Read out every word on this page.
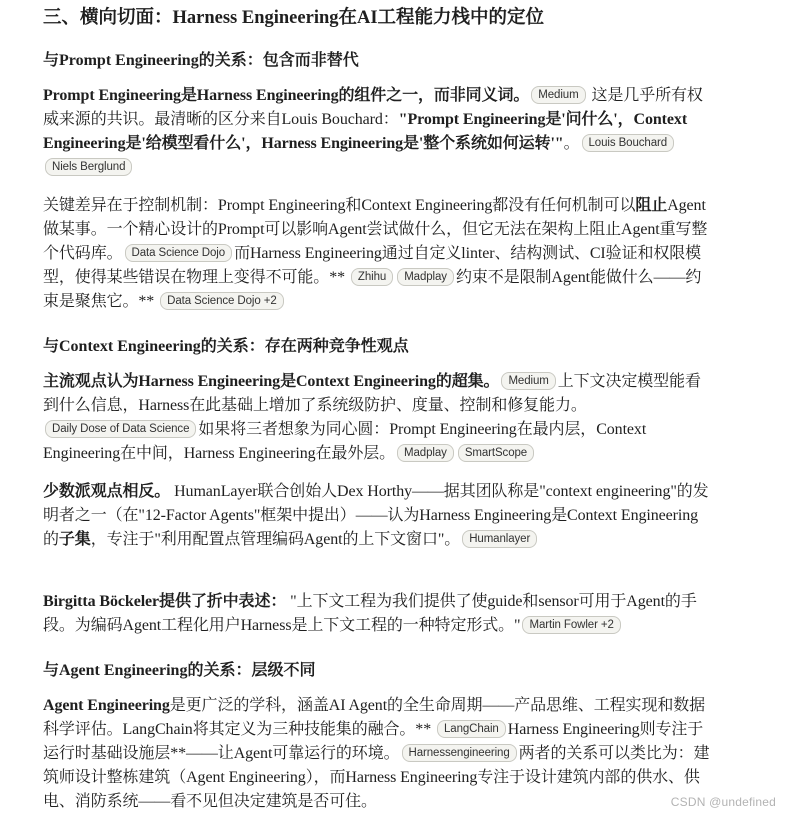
三、横向切面：Harness Engineering在AI工程能力栈中的定位
与Prompt Engineering的关系：包含而非替代

Prompt Engineering是Harness Engineering的组件之一，而非同义词。 Medium 这是几乎所有权威来源的共识。最清晰的区分来自Louis Bouchard："Prompt Engineering是'问什么'，Context Engineering是'给模型看什么'，Harness Engineering是'整个系统如何运转'"。 Louis BouchardNiels Berglund

关键差异在于控制机制：Prompt Engineering和Context Engineering都没有任何机制可以阻止Agent做某事。一个精心设计的Prompt可以影响Agent尝试做什么，但它无法在架构上阻止Agent重写整个代码库。 Data Science Dojo 而Harness Engineering通过自定义linter、结构测试、CI验证和权限模型，使得某些错误在物理上变得不可能。** Zhihu Madplay 约束不是限制Agent能做什么——约束是聚焦它。** Data Science Dojo +2

与Context Engineering的关系：存在两种竞争性观点

主流观点认为Harness Engineering是Context Engineering的超集。 Medium 上下文决定模型能看到什么信息，Harness在此基础上增加了系统级防护、度量、控制和修复能力。Daily Dose of Data Science 如果将三者想象为同心圆：Prompt Engineering在最内层，Context Engineering在中间，Harness Engineering在最外层。 Madplay SmartScope

少数派观点相反。 HumanLayer联合创始人Dex Horthy——据其团队称是"context engineering"的发明者之一（在"12-Factor Agents"框架中提出）——认为Harness Engineering是Context Engineering的子集，专注于"利用配置点管理编码Agent的上下文窗口"。 Humanlayer

Birgitta Böckeler提供了折中表述： "上下文工程为我们提供了使guide和sensor可用于Agent的手段。为编码Agent工程化用户Harness是上下文工程的一种特定形式。" Martin Fowler +2

与Agent Engineering的关系：层级不同

Agent Engineering是更广泛的学科，涵盖AI Agent的全生命周期——产品思维、工程实现和数据科学评估。LangChain将其定义为三种技能集的融合。** LangChain Harness Engineering则专注于运行时基础设施层**——让Agent可靠运行的环境。 Harnessengineering 两者的关系可以类比为：建筑师设计整栋建筑（Agent Engineering），而Harness Engineering专注于设计建筑内部的供水、供电、消防系统——看不见但决定建筑是否可住。	CSDN @undefined
